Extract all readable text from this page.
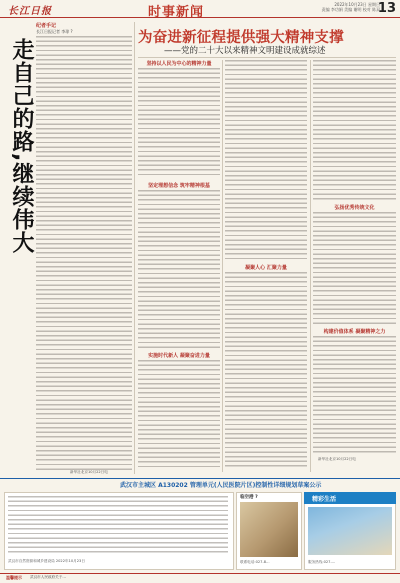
长江日报	时事新闻
2022年10月23日 星期日
责编 李功娟 美编 谢明 校对 陈双
13
纪者手记
长江日报记者 李琼 ?
走自己的路,继续伟大
新华社北京10月22日电
为奋进新征程提供强大精神支撑
——党的二十大以来精神文明建设成就综述
坚持以人民为中心的精神力量
坚定理想信念 筑牢精神根基
实施时代新人 凝聚奋进力量
凝聚人心 汇聚力量
弘扬优秀传统文化
构建价值体系 凝聚精神之力
新华社北京10月22日电
武汉市主城区 A130202 管理单元(人民医院片区)控制性详细规划草案公示
武汉市自然资源和城乡建设局 2022年10月23日
临空港 ?
联系电话:027-8…
精彩生活
服务热线:027-…
温馨提示 武汉市人民政府关于…
